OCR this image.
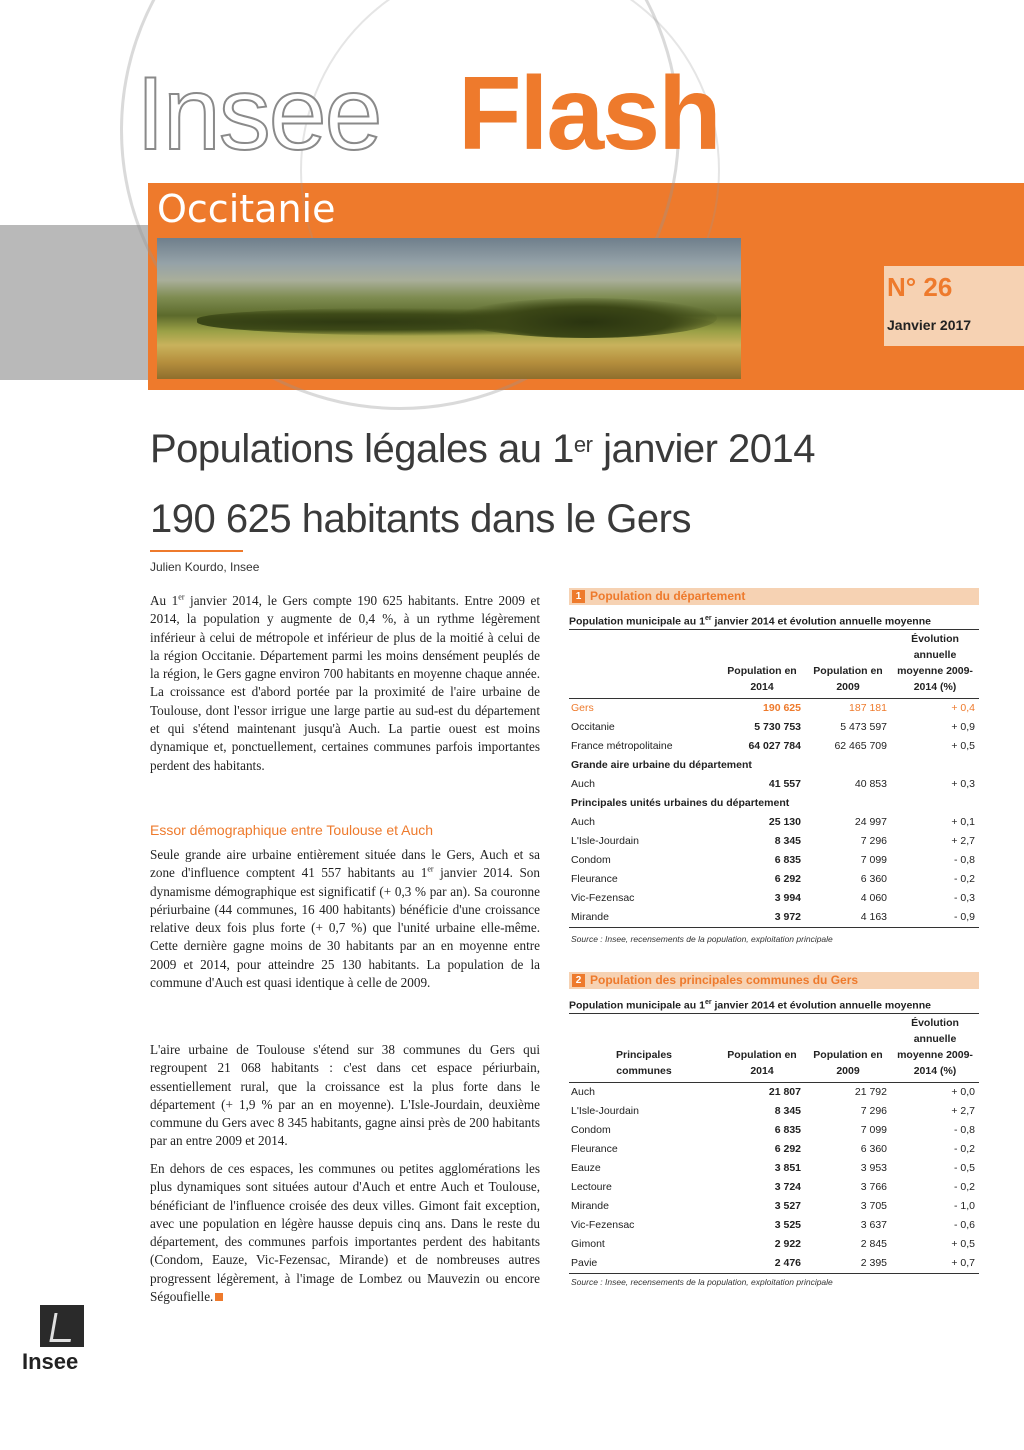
Insee Flash
Occitanie
N° 26
Janvier 2017
Populations légales au 1er janvier 2014
190 625 habitants dans le Gers
Julien Kourdo, Insee

Au 1er janvier 2014, le Gers compte 190 625 habitants. Entre 2009 et 2014, la population y augmente de 0,4 %, à un rythme légèrement inférieur à celui de métropole et inférieur de plus de la moitié à celui de la région Occitanie. Département parmi les moins densément peuplés de la région, le Gers gagne environ 700 habitants en moyenne chaque année. La croissance est d'abord portée par la proximité de l'aire urbaine de Toulouse, dont l'essor irrigue une large partie au sud-est du département et qui s'étend maintenant jusqu'à Auch. La partie ouest est moins dynamique et, ponctuellement, certaines communes parfois importantes perdent des habitants.

Essor démographique entre Toulouse et Auch

Seule grande aire urbaine entièrement située dans le Gers, Auch et sa zone d'influence comptent 41 557 habitants au 1er janvier 2014. Son dynamisme démographique est significatif (+ 0,3 % par an). Sa couronne périurbaine (44 communes, 16 400 habitants) bénéficie d'une croissance relative deux fois plus forte (+ 0,7 %) que l'unité urbaine elle-même. Cette dernière gagne moins de 30 habitants par an en moyenne entre 2009 et 2014, pour atteindre 25 130 habitants. La population de la commune d'Auch est quasi identique à celle de 2009.

L'aire urbaine de Toulouse s'étend sur 38 communes du Gers qui regroupent 21 068 habitants : c'est dans cet espace périurbain, essentiellement rural, que la croissance est la plus forte dans le département (+ 1,9 % par an en moyenne). L'Isle-Jourdain, deuxième commune du Gers avec 8 345 habitants, gagne ainsi près de 200 habitants par an entre 2009 et 2014.

En dehors de ces espaces, les communes ou petites agglomérations les plus dynamiques sont situées autour d'Auch et entre Auch et Toulouse, bénéficiant de l'influence croisée des deux villes. Gimont fait exception, avec une population en légère hausse depuis cinq ans. Dans le reste du département, des communes parfois importantes perdent des habitants (Condom, Eauze, Vic-Fezensac, Mirande) et de nombreuses autres progressent légèrement, à l'image de Lombez ou Mauvezin ou encore Ségoufielle.

1 Population du département
Population municipale au 1er janvier 2014 et évolution annuelle moyenne
	Population en 2014	Population en 2009	Évolution annuelle moyenne 2009-2014 (%)
Gers	190 625	187 181	+ 0,4
Occitanie	5 730 753	5 473 597	+ 0,9
France métropolitaine	64 027 784	62 465 709	+ 0,5
Grande aire urbaine du département			
Auch	41 557	40 853	+ 0,3
Principales unités urbaines du département			
Auch	25 130	24 997	+ 0,1
L'Isle-Jourdain	8 345	7 296	+ 2,7
Condom	6 835	7 099	- 0,8
Fleurance	6 292	6 360	- 0,2
Vic-Fezensac	3 994	4 060	- 0,3
Mirande	3 972	4 163	- 0,9
Source : Insee, recensements de la population, exploitation principale
2 Population des principales communes du Gers
Population municipale au 1er janvier 2014 et évolution annuelle moyenne
Principales communes	Population en 2014	Population en 2009	Évolution annuelle moyenne 2009-2014 (%)
Auch	21 807	21 792	+ 0,0
L'Isle-Jourdain	8 345	7 296	+ 2,7
Condom	6 835	7 099	- 0,8
Fleurance	6 292	6 360	- 0,2
Eauze	3 851	3 953	- 0,5
Lectoure	3 724	3 766	- 0,2
Mirande	3 527	3 705	- 1,0
Vic-Fezensac	3 525	3 637	- 0,6
Gimont	2 922	2 845	+ 0,5
Pavie	2 476	2 395	+ 0,7
Source : Insee, recensements de la population, exploitation principale
Insee
